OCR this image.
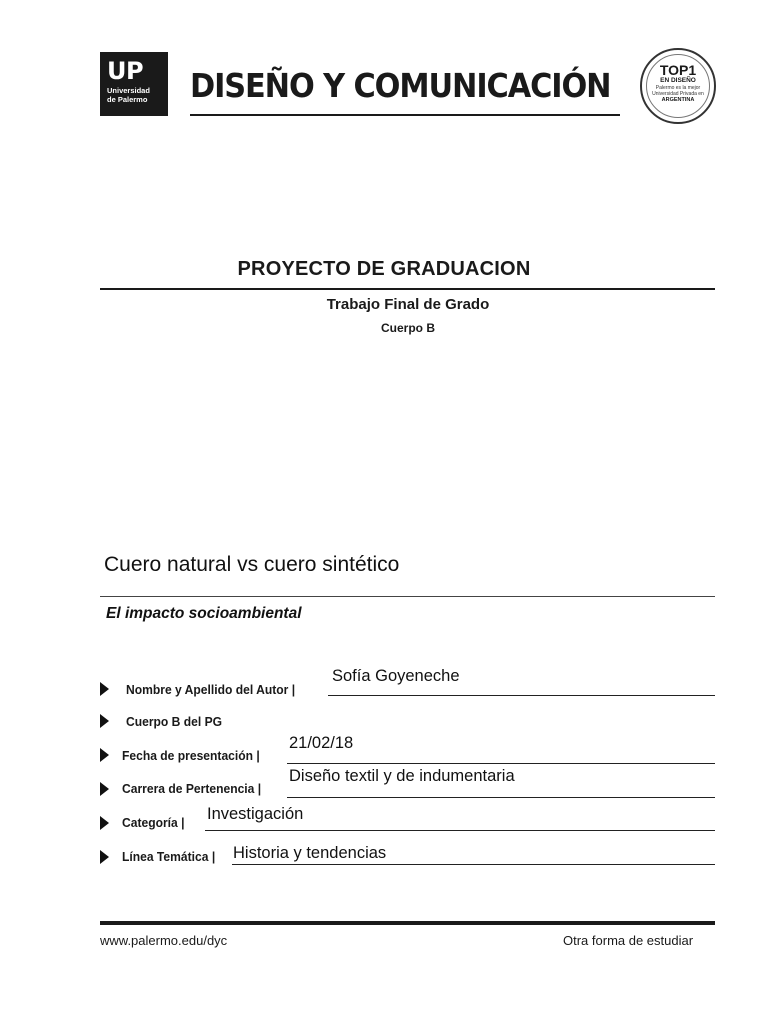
UP
Universidad
de Palermo	DISEÑO Y COMUNICACIÓN	TOP1
EN DISEÑO
Palermo es la mejor
Universidad Privada en
ARGENTINA
PROYECTO DE GRADUACION
Trabajo Final de Grado
Cuerpo B
Cuero natural vs cuero sintético
El impacto socioambiental
Nombre y Apellido del Autor |
Sofía Goyeneche
Cuerpo B del PG
Fecha de presentación |
21/02/18
Carrera de Pertenencia |
Diseño textil y de indumentaria
Categoría | Investigación
Línea Temática | Historia y tendencias
www.palermo.edu/dyc	Otra forma de estudiar
